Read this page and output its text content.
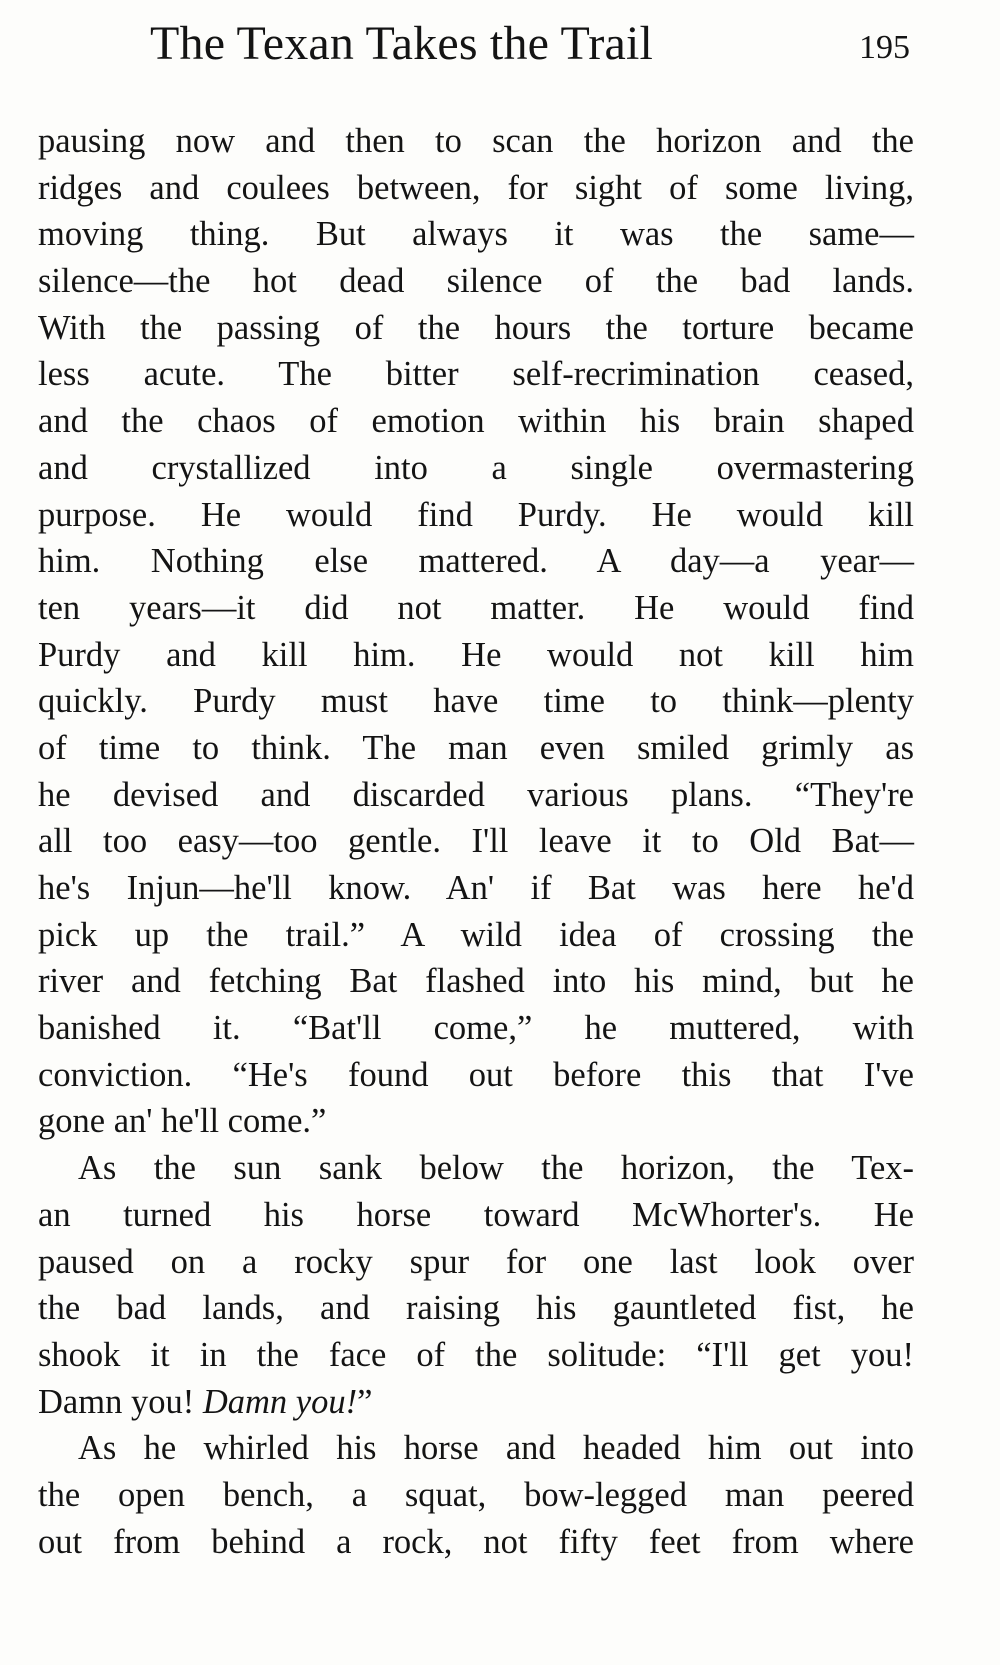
The Texan Takes the Trail	195
pausing now and then to scan the horizon and the
ridges and coulees between, for sight of some living,
moving thing. But always it was the same—
silence—the hot dead silence of the bad lands.
With the passing of the hours the torture became
less acute. The bitter self-recrimination ceased,
and the chaos of emotion within his brain shaped
and crystallized into a single overmastering
purpose. He would find Purdy. He would kill
him. Nothing else mattered. A day—a year—
ten years—it did not matter. He would find
Purdy and kill him. He would not kill him
quickly. Purdy must have time to think—plenty
of time to think. The man even smiled grimly as
he devised and discarded various plans. “They're
all too easy—too gentle. I'll leave it to Old Bat—
he's Injun—he'll know. An' if Bat was here he'd
pick up the trail.” A wild idea of crossing the
river and fetching Bat flashed into his mind, but he
banished it. “Bat'll come,” he muttered, with
conviction. “He's found out before this that I've
gone an' he'll come.”
As the sun sank below the horizon, the Tex-
an turned his horse toward McWhorter's. He
paused on a rocky spur for one last look over
the bad lands, and raising his gauntleted fist, he
shook it in the face of the solitude: “I'll get you!
Damn you! Damn you!”
As he whirled his horse and headed him out into
the open bench, a squat, bow-legged man peered
out from behind a rock, not fifty feet from where
